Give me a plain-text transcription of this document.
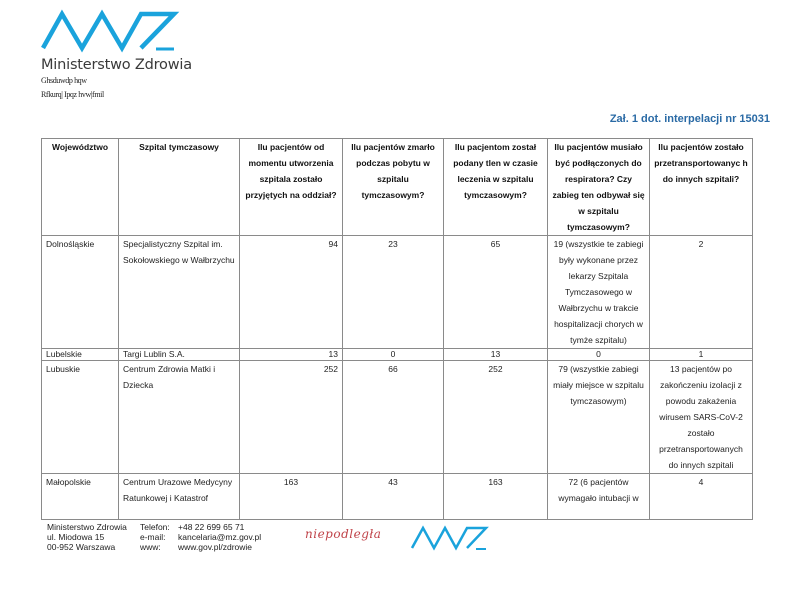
Ministerstwo Zdrowia
Ghsduwdp hqw
Rfkurq| Ipqz hvw|fmil
Zał. 1 dot. interpelacji nr 15031
Województwo	Szpital tymczasowy	Ilu pacjentów od momentu utworzenia szpitala zostało przyjętych na oddział?	Ilu pacjentów zmarło podczas pobytu w szpitalu tymczasowym?	Ilu pacjentom został podany tlen w czasie leczenia w szpitalu tymczasowym?	Ilu pacjentów musiało być podłączonych do respiratora? Czy zabieg ten odbywał się w szpitalu tymczasowym?	Ilu pacjentów zostało przetransportowanyc h do innych szpitali?
Dolnośląskie	Specjalistyczny Szpital im. Sokołowskiego w Wałbrzychu	94	23	65	19 (wszystkie te zabiegi były wykonane przez lekarzy Szpitala Tymczasowego w Wałbrzychu w trakcie hospitalizacji chorych w tymże szpitalu)	2
Lubelskie	Targi Lublin S.A.	13	0	13	0	1
Lubuskie	Centrum Zdrowia Matki i Dziecka	252	66	252	79 (wszystkie zabiegi miały miejsce w szpitalu tymczasowym)	13 pacjentów po zakończeniu izolacji z powodu zakażenia wirusem SARS-CoV-2 zostało przetransportowanych do innych szpitali
Małopolskie	Centrum Urazowe Medycyny Ratunkowej i Katastrof	163	43	163	72 (6 pacjentów wymagało intubacji w	4
Ministerstwo Zdrowia
ul. Miodowa 15
00-952 Warszawa
Telefon:
e-mail:
www:
+48 22 699 65 71
kancelaria@mz.gov.pl
www.gov.pl/zdrowie
niepodległa
